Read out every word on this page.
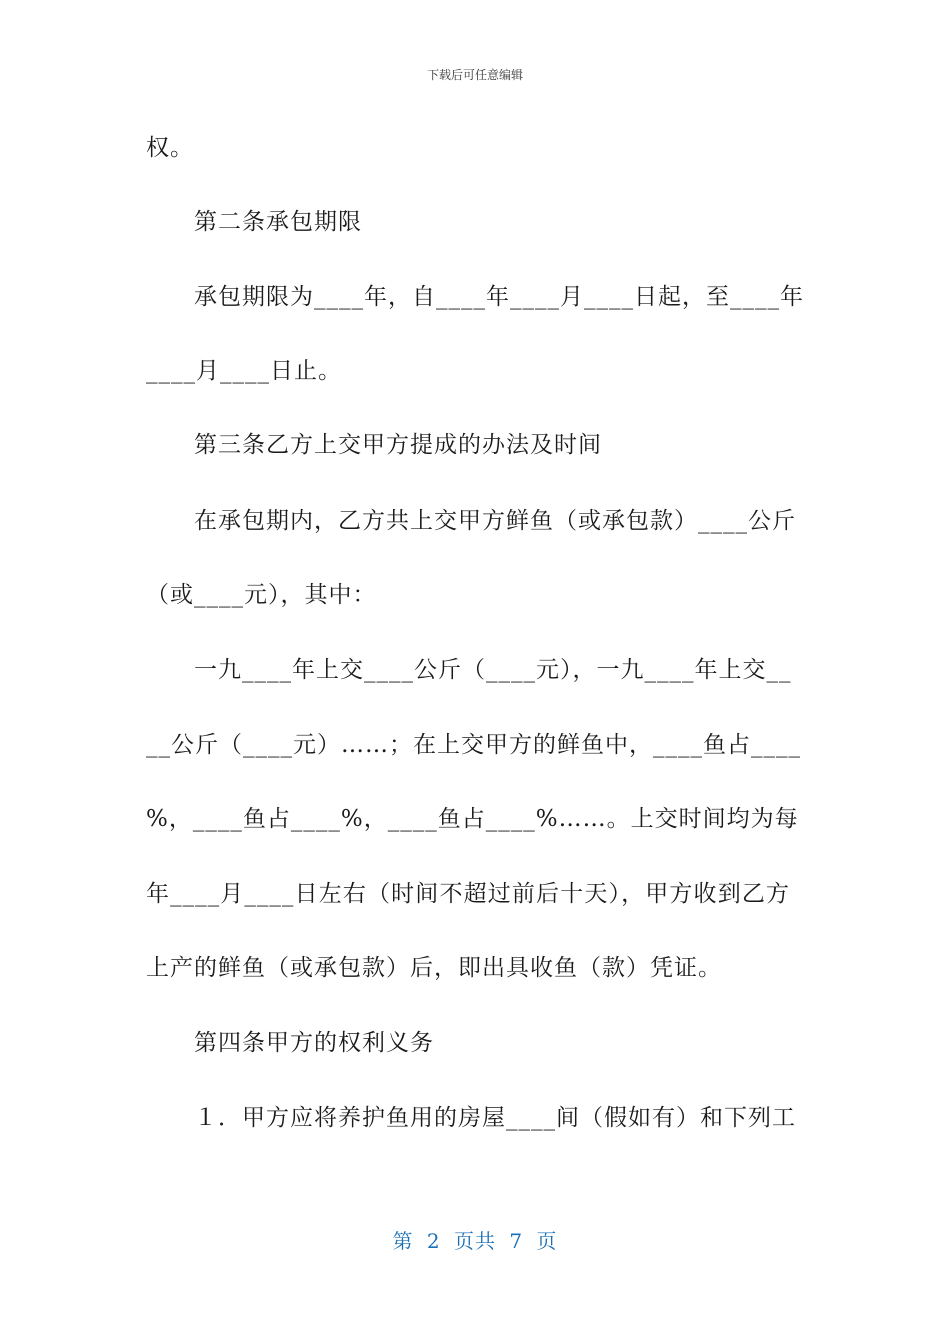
下载后可任意编辑
权。
第二条承包期限
承包期限为____年，自____年____月____日起，至____年
____月____日止。
第三条乙方上交甲方提成的办法及时间
在承包期内，乙方共上交甲方鲜鱼（或承包款）____公斤
（或____元），其中：
一九____年上交____公斤（____元），一九____年上交__
__公斤（____元）……；在上交甲方的鲜鱼中，____鱼占____
%，____鱼占____%，____鱼占____%……。上交时间均为每
年____月____日左右（时间不超过前后十天），甲方收到乙方
上产的鲜鱼（或承包款）后，即出具收鱼（款）凭证。
第四条甲方的权利义务
１．甲方应将养护鱼用的房屋____间（假如有）和下列工
第 2 页共 7 页
